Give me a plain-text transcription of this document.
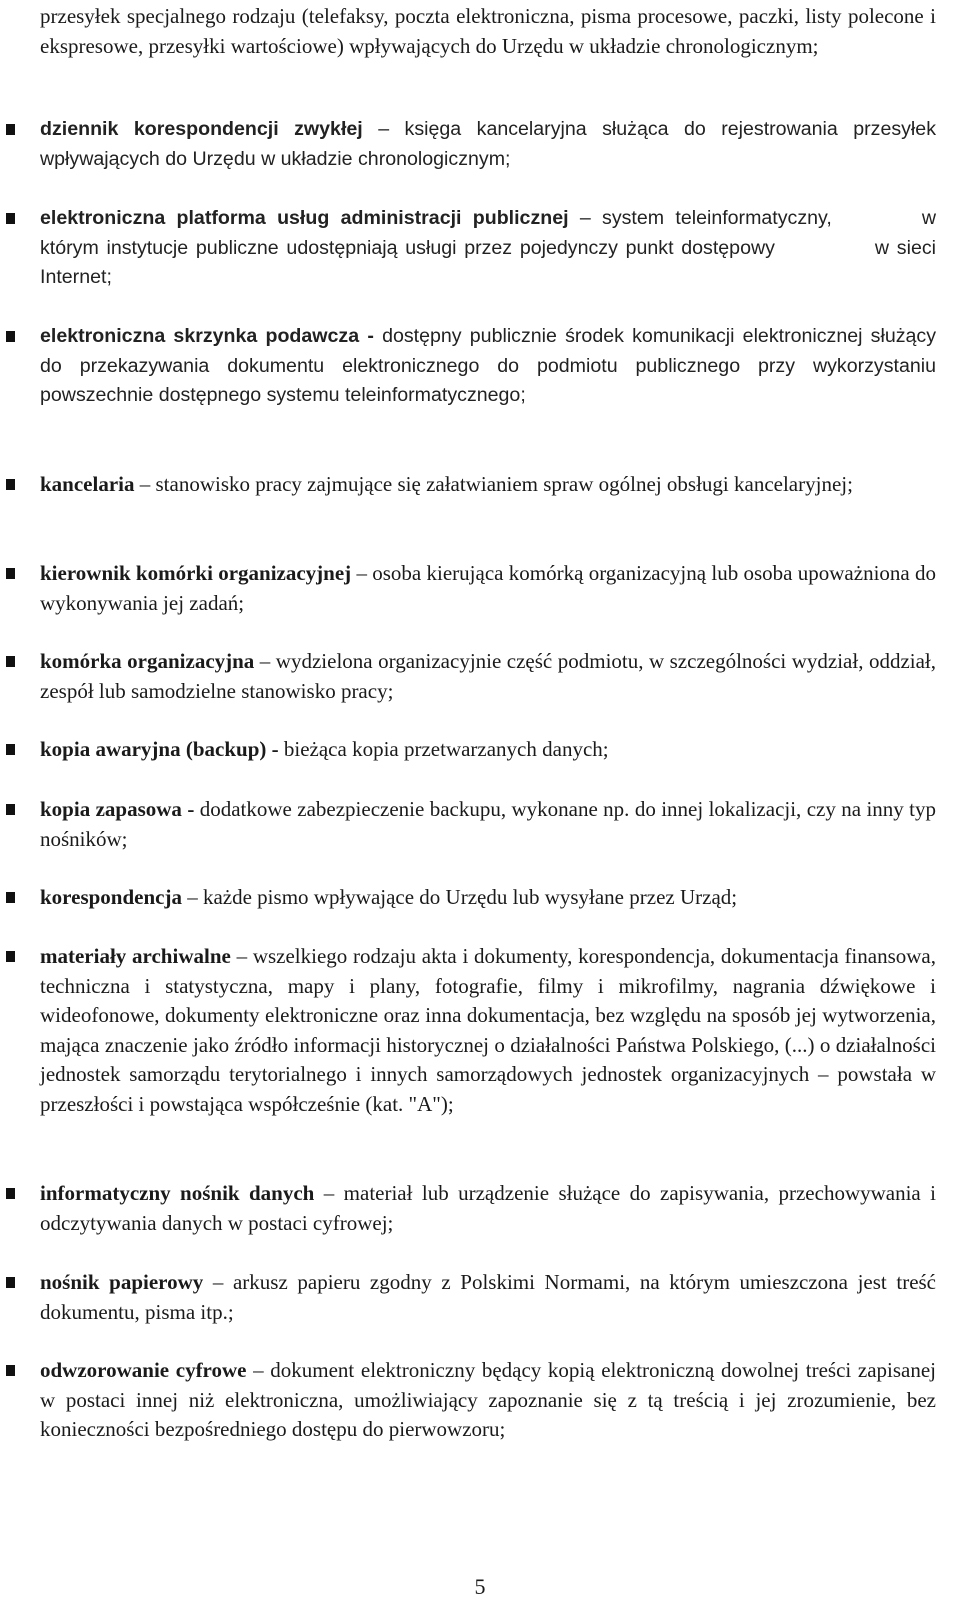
przesyłek specjalnego rodzaju (telefaksy, poczta elektroniczna, pisma procesowe, paczki, listy polecone i ekspresowe, przesyłki wartościowe) wpływających do Urzędu w układzie chronologicznym;
dziennik korespondencji zwykłej – księga kancelaryjna służąca do rejestrowania przesyłek wpływających do Urzędu w układzie chronologicznym;
elektroniczna platforma usług administracji publicznej – system teleinformatyczny,	w którym instytucje publiczne udostępniają usługi przez pojedynczy punkt dostępowy	w sieci Internet;
elektroniczna skrzynka podawcza - dostępny publicznie środek komunikacji elektronicznej służący do przekazywania dokumentu elektronicznego do podmiotu publicznego przy wykorzystaniu powszechnie dostępnego systemu teleinformatycznego;
kancelaria – stanowisko pracy zajmujące się załatwianiem spraw ogólnej obsługi kancelaryjnej;
kierownik komórki organizacyjnej – osoba kierująca komórką organizacyjną lub osoba upoważniona do wykonywania jej zadań;
komórka organizacyjna – wydzielona organizacyjnie część podmiotu, w szczególności wydział, oddział, zespół lub samodzielne stanowisko pracy;
kopia awaryjna (backup) - bieżąca kopia przetwarzanych danych;
kopia zapasowa - dodatkowe zabezpieczenie backupu, wykonane np. do innej lokalizacji, czy na inny typ nośników;
korespondencja – każde pismo wpływające do Urzędu lub wysyłane przez Urząd;
materiały archiwalne – wszelkiego rodzaju akta i dokumenty, korespondencja, dokumentacja finansowa, techniczna i statystyczna, mapy i plany, fotografie, filmy i mikrofilmy, nagrania dźwiękowe i wideofonowe, dokumenty elektroniczne oraz inna dokumentacja, bez względu na sposób jej wytworzenia, mająca znaczenie jako źródło informacji historycznej o działalności Państwa Polskiego, (...) o działalności jednostek samorządu terytorialnego i innych samorządowych jednostek organizacyjnych – powstała w przeszłości i powstająca współcześnie (kat. "A");
informatyczny nośnik danych – materiał lub urządzenie służące do zapisywania, przechowywania i odczytywania danych w postaci cyfrowej;
nośnik papierowy – arkusz papieru zgodny z Polskimi Normami, na którym umieszczona jest treść dokumentu, pisma itp.;
odwzorowanie cyfrowe – dokument elektroniczny będący kopią elektroniczną dowolnej treści zapisanej w postaci innej niż elektroniczna, umożliwiający zapoznanie się z tą treścią i jej zrozumienie, bez konieczności bezpośredniego dostępu do pierwowzoru;
5
